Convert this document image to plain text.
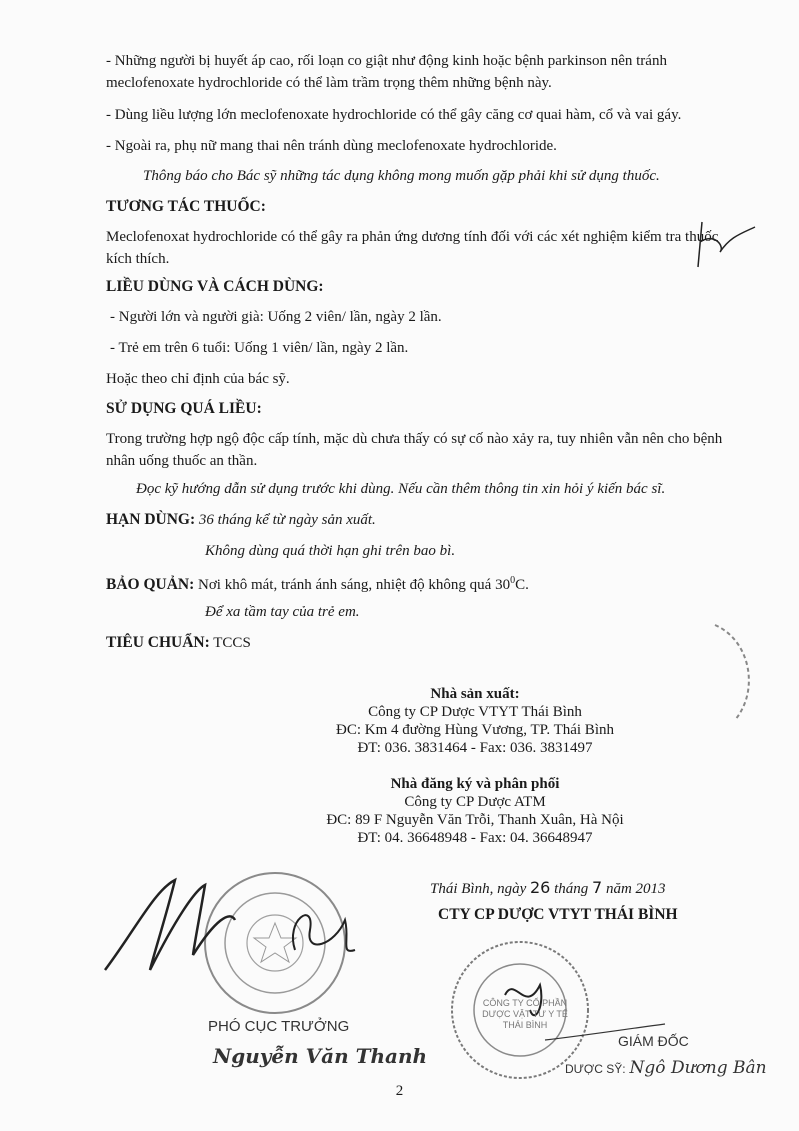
- Những người bị huyết áp cao, rối loạn co giật như động kinh hoặc bệnh parkinson nên tránh meclofenoxate hydrochloride có thể làm trầm trọng thêm những bệnh này.
- Dùng liều lượng lớn meclofenoxate hydrochloride có thể gây căng cơ quai hàm, cổ và vai gáy.
- Ngoài ra, phụ nữ mang thai nên tránh dùng meclofenoxate hydrochloride.
Thông báo cho Bác sỹ những tác dụng không mong muốn gặp phải khi sử dụng thuốc.
TƯƠNG TÁC THUỐC:
Meclofenoxat hydrochloride có thể gây ra phản ứng dương tính đối với các xét nghiệm kiểm tra thuốc kích thích.
LIỀU DÙNG VÀ CÁCH DÙNG:
- Người lớn và người già: Uống 2 viên/ lần, ngày 2 lần.
- Trẻ em trên 6 tuổi: Uống 1 viên/ lần, ngày 2 lần.
Hoặc theo chỉ định của bác sỹ.
SỬ DỤNG QUÁ LIỀU:
Trong trường hợp ngộ độc cấp tính, mặc dù chưa thấy có sự cố nào xảy ra, tuy nhiên vẫn nên cho bệnh nhân uống thuốc an thần.
Đọc kỹ hướng dẫn sử dụng trước khi dùng. Nếu cần thêm thông tin xin hỏi ý kiến bác sĩ.
HẠN DÙNG: 36 tháng kể từ ngày sản xuất.
Không dùng quá thời hạn ghi trên bao bì.
BẢO QUẢN: Nơi khô mát, tránh ánh sáng, nhiệt độ không quá $30^0C$.
Để xa tầm tay của trẻ em.
TIÊU CHUẨN: TCCS
Nhà sản xuất:
Công ty CP Dược VTYT Thái Bình
ĐC: Km 4 đường Hùng Vương, TP. Thái Bình
ĐT: 036. 3831464 - Fax: 036. 3831497
Nhà đăng ký và phân phối
Công ty CP Dược ATM
ĐC: 89 F Nguyễn Văn Trỗi, Thanh Xuân, Hà Nội
ĐT: 04. 36648948 - Fax: 04. 36648947
Thái Bình, ngày 26 tháng 7 năm 2013
CTY CP DƯỢC VTYT THÁI BÌNH
PHÓ CỤC TRƯỞNG
Nguyễn Văn Thanh
CÔNG TY CỔ PHẦN DƯỢC VẬT TƯ Y TẾ THÁI BÌNH
GIÁM ĐỐC
DƯỢC SỸ: Ngô Dương Bân
2
